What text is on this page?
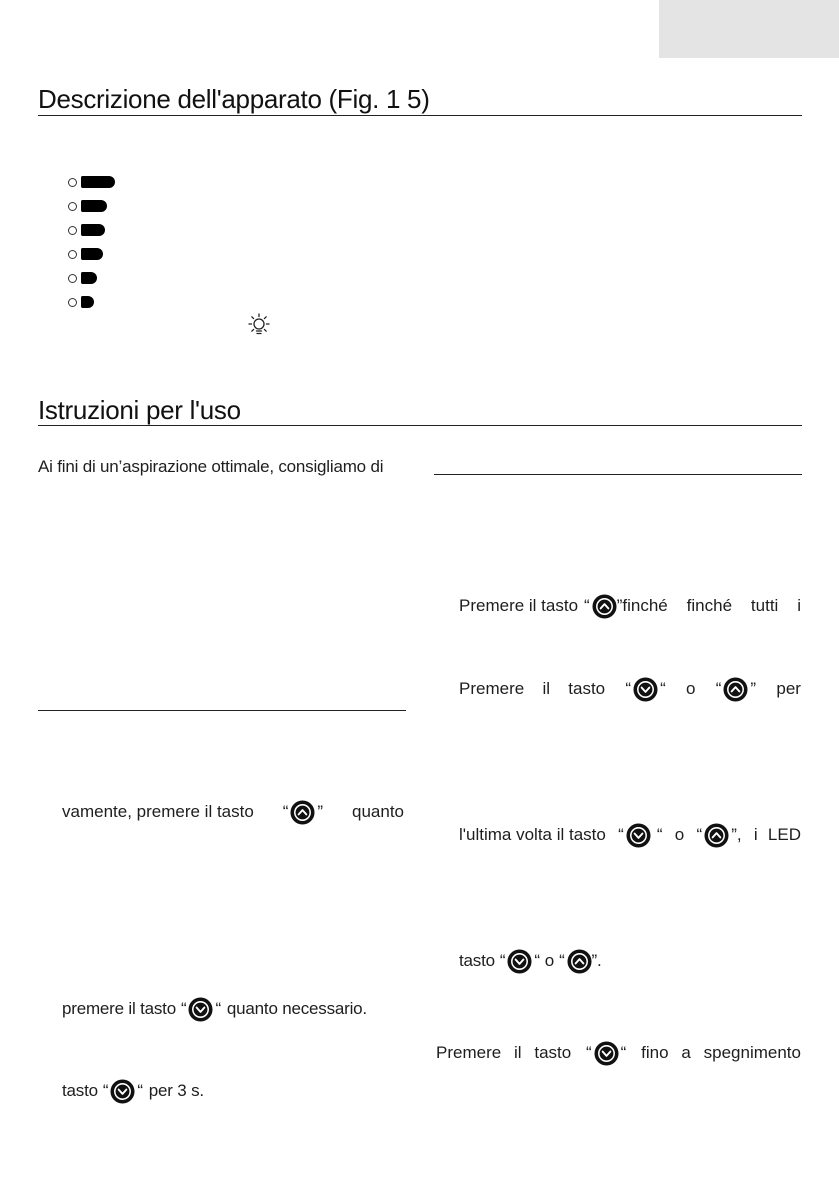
Descrizione dell'apparato (Fig. 1 5)
Istruzioni per l'uso
Ai fini di un’aspirazione ottimale, consigliamo di
vamente, premere il tasto “ ” quanto
premere il tasto “ “ quanto necessario.
tasto “ “ per 3 s.
Premere il tasto “ ” finché finché tutti i
Premere il tasto “ “ o “ ” per
l'ultima volta il tasto “ “ o “ ”, i LED
tasto “ “ o “ ”.
Premere il tasto “ “ fino a spegnimento
